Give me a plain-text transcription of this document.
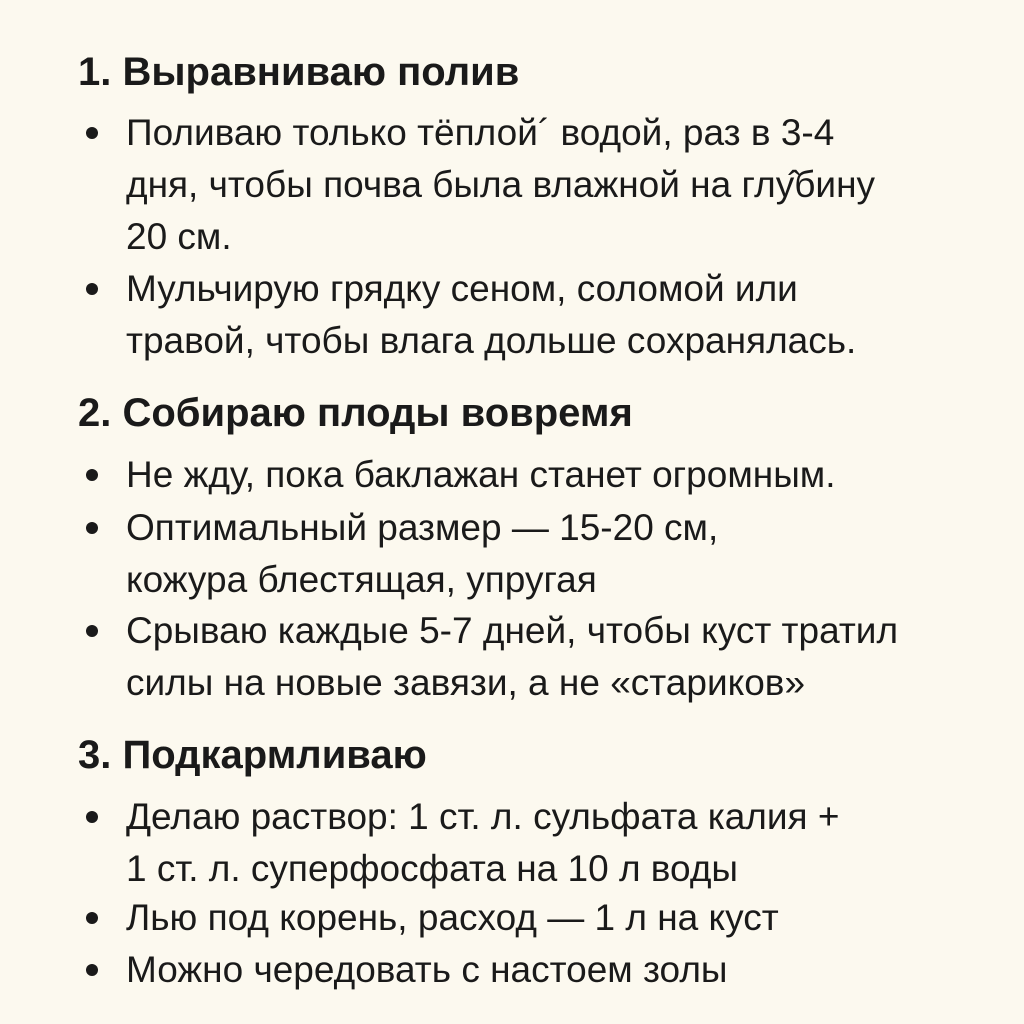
1. Выравниваю полив
Поливаю только тёплой´ водой, раз в 3-4
дня, чтобы почва была влажной на глу̂бину
20 см.
Мульчирую грядку сеном, соломой или
травой, чтобы влага дольше сохранялась.
2. Собираю плоды вовремя
Не жду, пока баклажан станет огромным.
Оптимальный размер — 15-20 см,
кожура блестящая, упругая
Срываю каждые 5-7 дней, чтобы куст тратил
силы на новые завязи, а не «стариков»
3. Подкармливаю
Делаю раствор: 1 ст. л. сульфата калия +
1 ст. л. суперфосфата на 10 л воды
Лью под корень, расход — 1 л на куст
Можно чередовать с настоем золы
